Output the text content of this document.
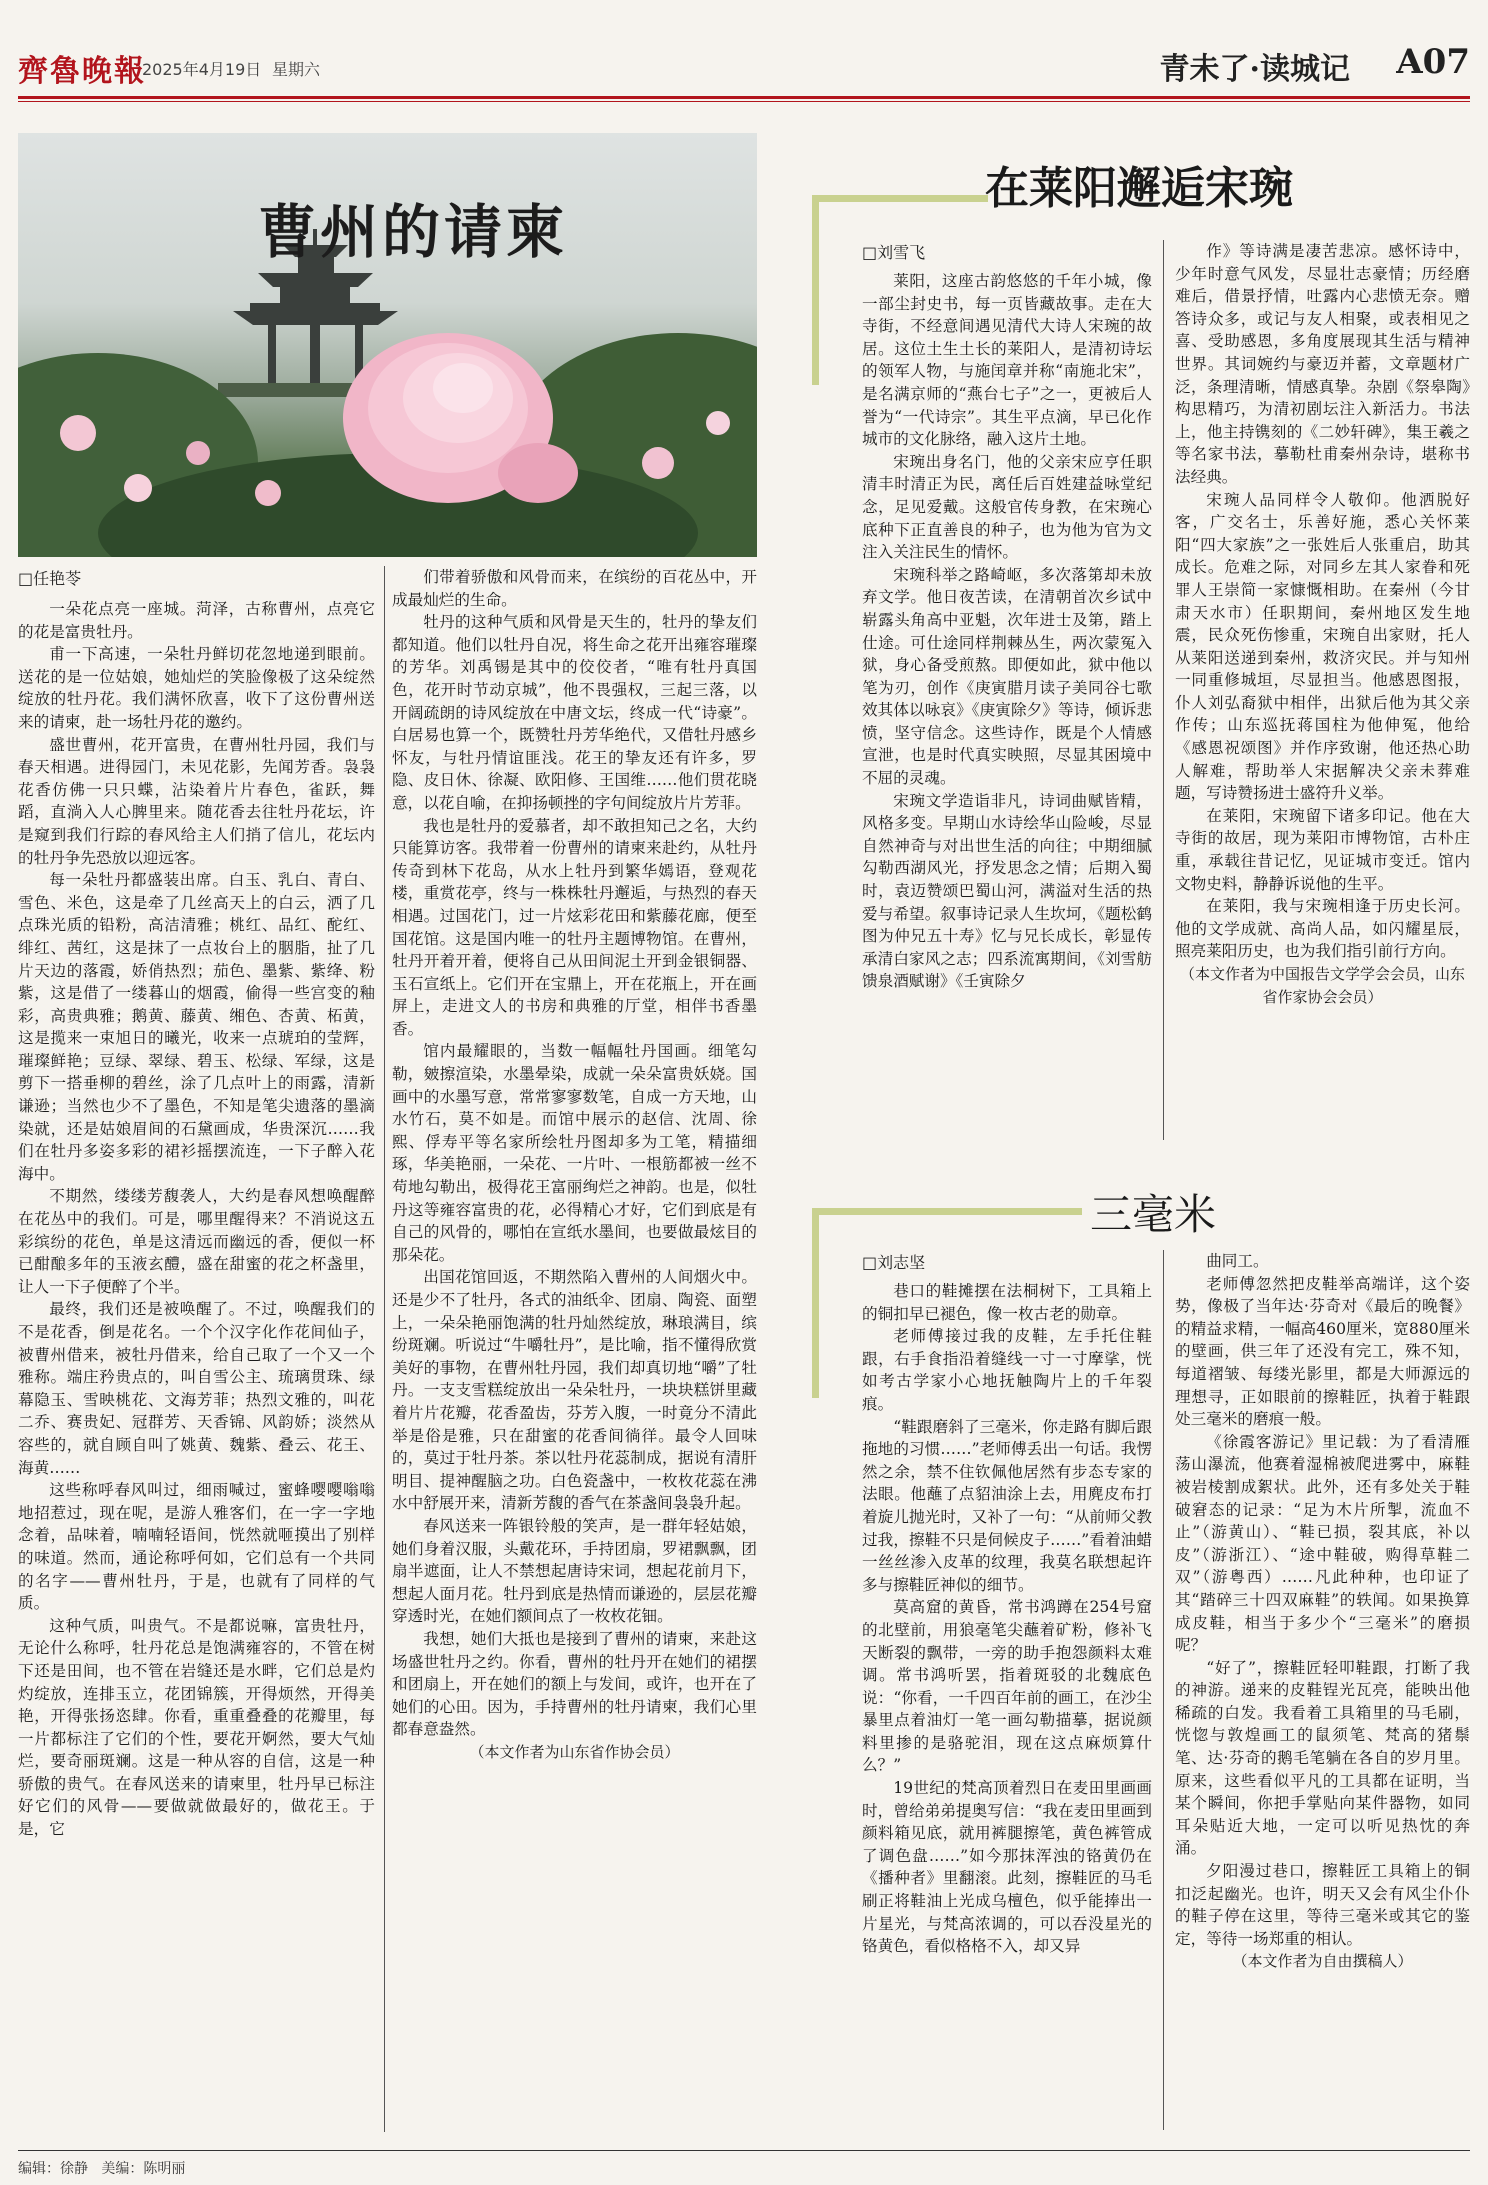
齊魯晚報
2025年4月19日 星期六	青未了·读城记 A07
曹州的请柬
□任艳苓

一朵花点亮一座城。菏泽，古称曹州，点亮它的花是富贵牡丹。

甫一下高速，一朵牡丹鲜切花忽地递到眼前。送花的是一位姑娘，她灿烂的笑脸像极了这朵绽然绽放的牡丹花。我们满怀欣喜，收下了这份曹州送来的请柬，赴一场牡丹花的邀约。

盛世曹州，花开富贵，在曹州牡丹园，我们与春天相遇。进得园门，未见花影，先闻芳香。袅袅花香仿佛一只只蝶，沾染着片片春色，雀跃，舞蹈，直淌入人心脾里来。随花香去往牡丹花坛，许是窥到我们行踪的春风给主人们捎了信儿，花坛内的牡丹争先恐放以迎远客。

每一朵牡丹都盛装出席。白玉、乳白、青白、雪色、米色，这是牵了几丝高天上的白云，洒了几点珠光质的铅粉，高洁清雅；桃红、品红、酡红、绯红、茜红，这是抹了一点妆台上的胭脂，扯了几片天边的落霞，娇俏热烈；茄色、墨紫、紫绛、粉紫，这是借了一缕暮山的烟霞，偷得一些宫变的釉彩，高贵典雅；鹅黄、藤黄、缃色、杏黄、柘黄，这是揽来一束旭日的曦光，收来一点琥珀的莹辉，璀璨鲜艳；豆绿、翠绿、碧玉、松绿、军绿，这是剪下一搭垂柳的碧丝，涂了几点叶上的雨露，清新谦逊；当然也少不了墨色，不知是笔尖遗落的墨滴染就，还是姑娘眉间的石黛画成，华贵深沉……我们在牡丹多姿多彩的裙衫摇摆流连，一下子醉入花海中。

不期然，缕缕芳馥袭人，大约是春风想唤醒醉在花丛中的我们。可是，哪里醒得来？不消说这五彩缤纷的花色，单是这清远而幽远的香，便似一杯已酣酿多年的玉液玄醴，盛在甜蜜的花之杯盏里，让人一下子便醉了个半。

最终，我们还是被唤醒了。不过，唤醒我们的不是花香，倒是花名。一个个汉字化作花间仙子，被曹州借来，被牡丹借来，给自己取了一个又一个雅称。端庄矜贵点的，叫自雪公主、琉璃贯珠、绿幕隐玉、雪映桃花、文海芳菲；热烈文雅的，叫花二乔、赛贵妃、冠群芳、天香锦、风韵娇；淡然从容些的，就自顾自叫了姚黄、魏紫、叠云、花王、海黄……

这些称呼春风叫过，细雨喊过，蜜蜂嘤嘤嗡嗡地招惹过，现在呢，是游人雅客们，在一字一字地念着，品味着，喃喃轻语间，恍然就咂摸出了别样的味道。然而，通论称呼何如，它们总有一个共同的名字——曹州牡丹，于是，也就有了同样的气质。

这种气质，叫贵气。不是都说嘛，富贵牡丹，无论什么称呼，牡丹花总是饱满雍容的，不管在树下还是田间，也不管在岩缝还是水畔，它们总是灼灼绽放，连排玉立，花团锦簇，开得烦然，开得美艳，开得张扬恣肆。你看，重重叠叠的花瓣里，每一片都标注了它们的个性，要花开婀然，要大气灿烂，要奇丽斑斓。这是一种从容的自信，这是一种骄傲的贵气。在春风送来的请柬里，牡丹早已标注好它们的风骨——要做就做最好的，做花王。于是，它

们带着骄傲和风骨而来，在缤纷的百花丛中，开成最灿烂的生命。

牡丹的这种气质和风骨是天生的，牡丹的挚友们都知道。他们以牡丹自况，将生命之花开出雍容璀璨的芳华。刘禹锡是其中的佼佼者，“唯有牡丹真国色，花开时节动京城”，他不畏强权，三起三落，以开阔疏朗的诗风绽放在中唐文坛，终成一代“诗豪”。白居易也算一个，既赞牡丹芳华绝代，又借牡丹感乡怀友，与牡丹情谊匪浅。花王的挚友还有许多，罗隐、皮日休、徐凝、欧阳修、王国维……他们贯花晓意，以花自喻，在抑扬顿挫的字句间绽放片片芳菲。

我也是牡丹的爱慕者，却不敢担知己之名，大约只能算访客。我带着一份曹州的请柬来赴约，从牡丹传奇到林下花岛，从水上牡丹到繁华嫣语，登观花楼，重赏花亭，终与一株株牡丹邂逅，与热烈的春天相遇。过国花门，过一片炫彩花田和紫藤花廊，便至国花馆。这是国内唯一的牡丹主题博物馆。在曹州，牡丹开着开着，便将自己从田间泥土开到金银铜器、玉石宣纸上。它们开在宝鼎上，开在花瓶上，开在画屏上，走进文人的书房和典雅的厅堂，相伴书香墨香。

馆内最耀眼的，当数一幅幅牡丹国画。细笔勾勒，皴擦渲染，水墨晕染，成就一朵朵富贵妖娆。国画中的水墨写意，常常寥寥数笔，自成一方天地，山水竹石，莫不如是。而馆中展示的赵信、沈周、徐熙、俘寿平等名家所绘牡丹图却多为工笔，精描细琢，华美艳丽，一朵花、一片叶、一根筋都被一丝不苟地勾勒出，极得花王富丽绚烂之神韵。也是，似牡丹这等雍容富贵的花，必得精心才好，它们到底是有自己的风骨的，哪怕在宣纸水墨间，也要做最炫目的那朵花。

出国花馆回返，不期然陷入曹州的人间烟火中。还是少不了牡丹，各式的油纸伞、团扇、陶瓷、面塑上，一朵朵艳丽饱满的牡丹灿然绽放，琳琅满目，缤纷斑斓。听说过“牛嚼牡丹”，是比喻，指不懂得欣赏美好的事物，在曹州牡丹园，我们却真切地“嚼”了牡丹。一支支雪糕绽放出一朵朵牡丹，一块块糕饼里藏着片片花瓣，花香盈齿，芬芳入腹，一时竟分不清此举是俗是雅，只在甜蜜的花香间徜徉。最令人回味的，莫过于牡丹茶。茶以牡丹花蕊制成，据说有清肝明目、提神醒脑之功。白色瓷盏中，一枚枚花蕊在沸水中舒展开来，清新芳馥的香气在茶盏间袅袅升起。

春风送来一阵银铃般的笑声，是一群年轻姑娘，她们身着汉服，头戴花环，手持团扇，罗裙飘飘，团扇半遮面，让人不禁想起唐诗宋词，想起花前月下，想起人面月花。牡丹到底是热情而谦逊的，层层花瓣穿透时光，在她们额间点了一枚枚花钿。

我想，她们大抵也是接到了曹州的请柬，来赴这场盛世牡丹之约。你看，曹州的牡丹开在她们的裙摆和团扇上，开在她们的额上与发间，或许，也开在了她们的心田。因为，手持曹州的牡丹请柬，我们心里都春意盎然。

（本文作者为山东省作协会员）

在莱阳邂逅宋琬
□刘雪飞

莱阳，这座古韵悠悠的千年小城，像一部尘封史书，每一页皆藏故事。走在大寺街，不经意间遇见清代大诗人宋琬的故居。这位土生土长的莱阳人，是清初诗坛的领军人物，与施闰章并称“南施北宋”，是名满京师的“燕台七子”之一，更被后人誉为“一代诗宗”。其生平点滴，早已化作城市的文化脉络，融入这片土地。

宋琬出身名门，他的父亲宋应亨任职清丰时清正为民，离任后百姓建益咏堂纪念，足见爱戴。这般官传身教，在宋琬心底种下正直善良的种子，也为他为官为文注入关注民生的情怀。

宋琬科举之路崎岖，多次落第却未放弃文学。他日夜苦读，在清朝首次乡试中崭露头角高中亚魁，次年进士及第，踏上仕途。可仕途同样荆棘丛生，两次蒙冤入狱，身心备受煎熬。即便如此，狱中他以笔为刃，创作《庚寅腊月读子美同谷七歌效其体以咏哀》《庚寅除夕》等诗，倾诉悲愤，坚守信念。这些诗作，既是个人情感宣泄，也是时代真实映照，尽显其困境中不屈的灵魂。

宋琬文学造诣非凡，诗词曲赋皆精，风格多变。早期山水诗绘华山险峻，尽显自然神奇与对出世生活的向往；中期细腻勾勒西湖风光，抒发思念之情；后期入蜀时，袁迈赞颂巴蜀山河，满溢对生活的热爱与希望。叙事诗记录人生坎坷，《题松鹤图为仲兄五十寿》忆与兄长成长，彰显传承清白家风之志；四系流寓期间，《刘雪舫馈泉酒赋谢》《壬寅除夕

作》等诗满是凄苦悲凉。感怀诗中，少年时意气风发，尽显壮志豪情；历经磨难后，借景抒情，吐露内心悲愤无奈。赠答诗众多，或记与友人相聚，或表相见之喜、受助感恩，多角度展现其生活与精神世界。其词婉约与豪迈并蓄，文章题材广泛，条理清晰，情感真挚。杂剧《祭皋陶》构思精巧，为清初剧坛注入新活力。书法上，他主持镌刻的《二妙轩碑》，集王羲之等名家书法，摹勒杜甫秦州杂诗，堪称书法经典。

宋琬人品同样令人敬仰。他洒脱好客，广交名士，乐善好施，悉心关怀莱阳“四大家族”之一张姓后人张重启，助其成长。危难之际，对同乡左其人家眷和死罪人王崇简一家慷慨相助。在秦州（今甘肃天水市）任职期间，秦州地区发生地震，民众死伤惨重，宋琬自出家财，托人从莱阳送递到秦州，救济灾民。并与知州一同重修城垣，尽显担当。他感恩图报，仆人刘弘裔狱中相伴，出狱后他为其父亲作传；山东巡抚蒋国柱为他伸冤，他给《感恩祝颂图》并作序致谢，他还热心助人解难，帮助举人宋据解决父亲未葬难题，写诗赞扬进士盛符升义举。

在莱阳，宋琬留下诸多印记。他在大寺街的故居，现为莱阳市博物馆，古朴庄重，承载往昔记忆，见证城市变迁。馆内文物史料，静静诉说他的生平。

在莱阳，我与宋琬相逢于历史长河。他的文学成就、高尚人品，如闪耀星辰，照亮莱阳历史，也为我们指引前行方向。

（本文作者为中国报告文学学会会员，山东省作家协会会员）

三毫米
□刘志坚

巷口的鞋摊摆在法桐树下，工具箱上的铜扣早已褪色，像一枚古老的勋章。

老师傅接过我的皮鞋，左手托住鞋跟，右手食指沿着缝线一寸一寸摩挲，恍如考古学家小心地抚触陶片上的千年裂痕。

“鞋跟磨斜了三毫米，你走路有脚后跟拖地的习惯……”老师傅丢出一句话。我愣然之余，禁不住钦佩他居然有步态专家的法眼。他蘸了点貂油涂上去，用麂皮布打着旋儿抛光时，又补了一句：“从前师父教过我，擦鞋不只是伺候皮子……”看着油蜡一丝丝渗入皮革的纹理，我莫名联想起许多与擦鞋匠神似的细节。

莫高窟的黄昏，常书鸿蹲在254号窟的北壁前，用狼毫笔尖蘸着矿粉，修补飞天断裂的飘带，一旁的助手抱怨颜料太难调。常书鸿听罢，指着斑驳的北魏底色说：“你看，一千四百年前的画工，在沙尘暴里点着油灯一笔一画勾勒描摹，据说颜料里掺的是骆驼泪，现在这点麻烦算什么？”

19世纪的梵高顶着烈日在麦田里画画时，曾给弟弟提奥写信：“我在麦田里画到颜料箱见底，就用裤腿擦笔，黄色裤管成了调色盘……”如今那抹浑浊的铬黄仍在《播种者》里翻滚。此刻，擦鞋匠的马毛刷正将鞋油上光成乌檀色，似乎能捧出一片星光，与梵高浓调的，可以吞没星光的铬黄色，看似格格不入，却又异

曲同工。

老师傅忽然把皮鞋举高端详，这个姿势，像极了当年达·芬奇对《最后的晚餐》的精益求精，一幅高460厘米，宽880厘米的壁画，供三年了还没有完工，殊不知，每道褶皱、每缕光影里，都是大师源远的理想寻，正如眼前的擦鞋匠，执着于鞋跟处三毫米的磨痕一般。

《徐霞客游记》里记载：为了看清雁荡山瀑流，他赛着湿棉被爬进雾中，麻鞋被岩棱割成絮状。此外，还有多处关于鞋破窘态的记录：“足为木片所掣，流血不止”（游黄山）、“鞋已损，裂其底，补以皮”（游浙江）、“途中鞋破，购得草鞋二双”（游粤西）……凡此种种，也印证了其“踏碎三十四双麻鞋”的轶闻。如果换算成皮鞋，相当于多少个“三毫米”的磨损呢？

“好了”，擦鞋匠轻叩鞋跟，打断了我的神游。递来的皮鞋锃光瓦亮，能映出他稀疏的白发。我看着工具箱里的马毛刷，恍惚与敦煌画工的鼠须笔、梵高的猪鬃笔、达·芬奇的鹅毛笔躺在各自的岁月里。原来，这些看似平凡的工具都在证明，当某个瞬间，你把手掌贴向某件器物，如同耳朵贴近大地，一定可以听见热忱的奔涌。

夕阳漫过巷口，擦鞋匠工具箱上的铜扣泛起幽光。也许，明天又会有风尘仆仆的鞋子停在这里，等待三毫米或其它的鉴定，等待一场郑重的相认。

（本文作者为自由撰稿人）

编辑：徐静 美编：陈明丽
